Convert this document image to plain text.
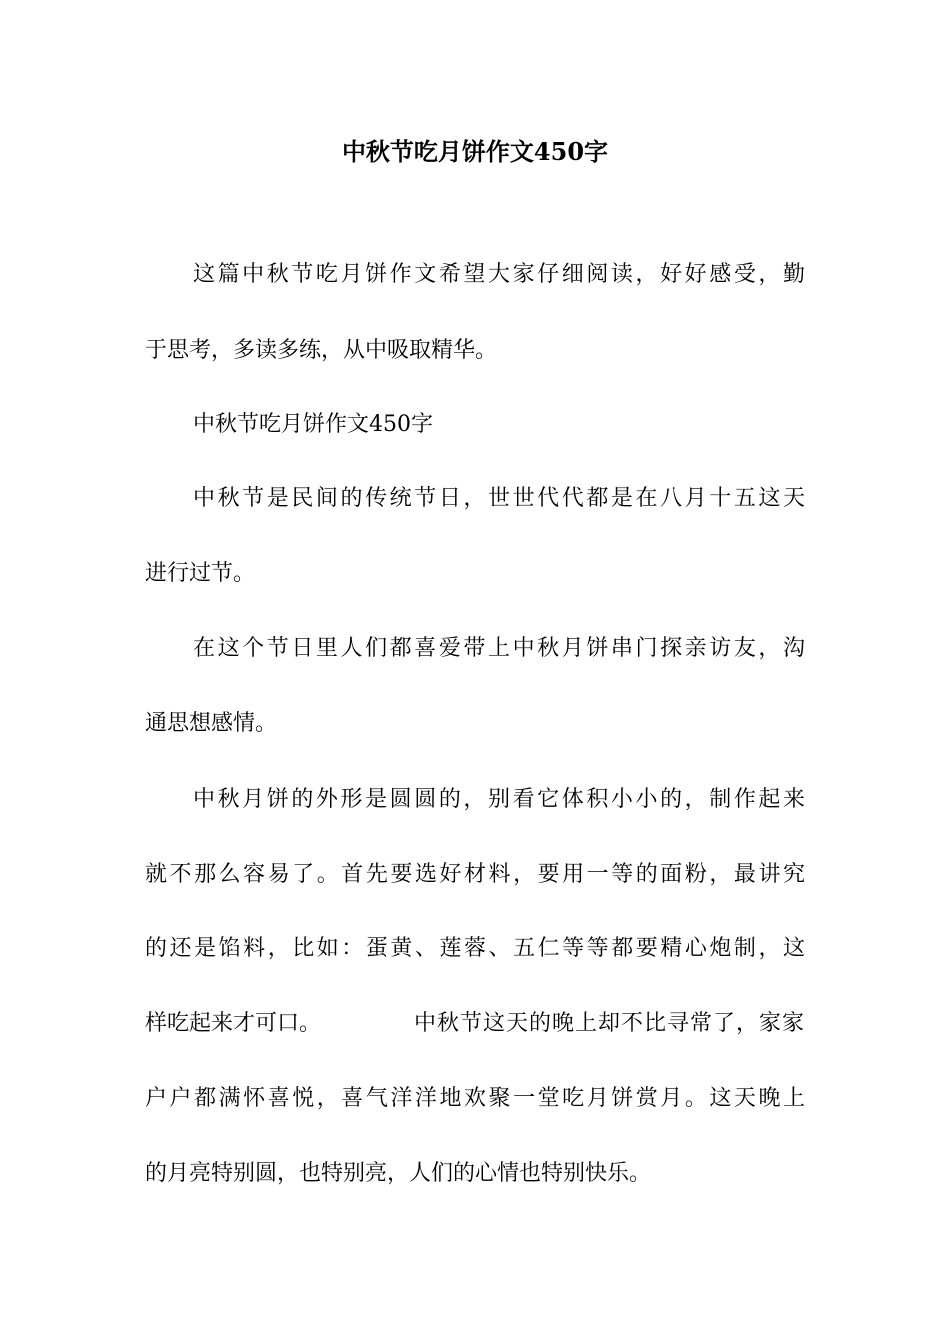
中秋节吃月饼作文450字
这篇中秋节吃月饼作文希望大家仔细阅读，好好感受，勤
于思考，多读多练，从中吸取精华。
中秋节吃月饼作文450字
中秋节是民间的传统节日，世世代代都是在八月十五这天
进行过节。
在这个节日里人们都喜爱带上中秋月饼串门探亲访友，沟
通思想感情。
中秋月饼的外形是圆圆的，别看它体积小小的，制作起来
就不那么容易了。首先要选好材料，要用一等的面粉，最讲究
的还是馅料，比如：蛋黄、莲蓉、五仁等等都要精心炮制，这
样吃起来才可口。	中秋节这天的晚上却不比寻常了，家家
户户都满怀喜悦，喜气洋洋地欢聚一堂吃月饼赏月。这天晚上
的月亮特别圆，也特别亮，人们的心情也特别快乐。
